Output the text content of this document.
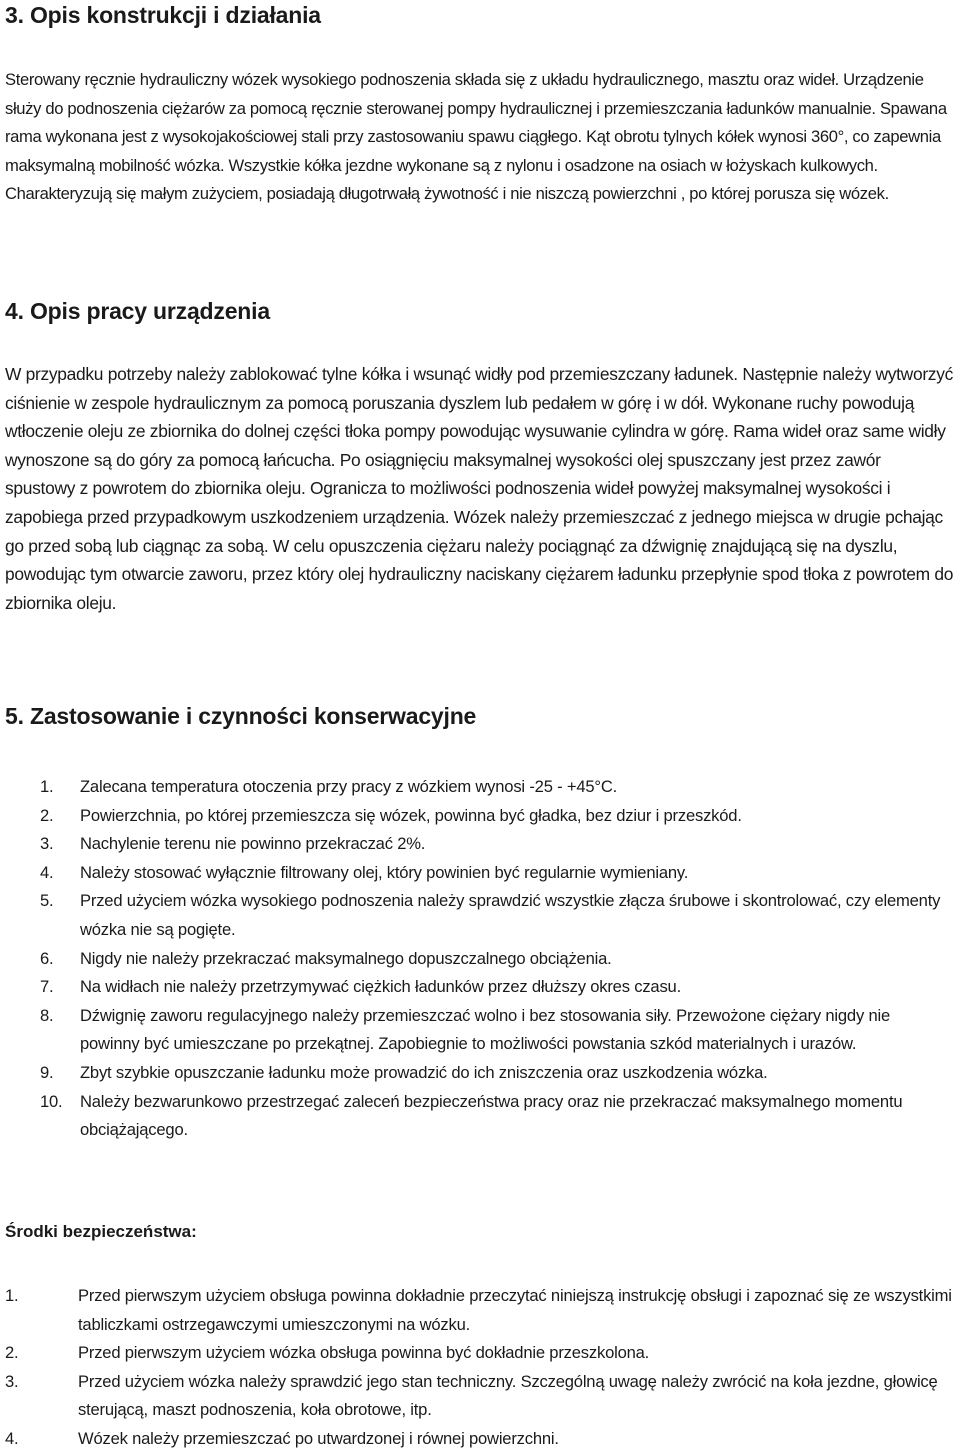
3. Opis konstrukcji i działania

Sterowany ręcznie hydrauliczny wózek wysokiego podnoszenia składa się z układu hydraulicznego, masztu oraz wideł. Urządzenie służy do podnoszenia ciężarów za pomocą ręcznie sterowanej pompy hydraulicznej i przemieszczania ładunków manualnie. Spawana rama wykonana jest z wysokojakościowej stali przy zastosowaniu spawu ciągłego. Kąt obrotu tylnych kółek wynosi 360°, co zapewnia maksymalną mobilność wózka. Wszystkie kółka jezdne wykonane są z nylonu i osadzone na osiach w łożyskach kulkowych. Charakteryzują się małym zużyciem, posiadają długotrwałą żywotność i nie niszczą powierzchni , po której porusza się wózek.

4. Opis pracy urządzenia

W przypadku potrzeby należy zablokować tylne kółka i wsunąć widły pod przemieszczany ładunek. Następnie należy wytworzyć ciśnienie w zespole hydraulicznym za pomocą poruszania dyszlem lub pedałem w górę i w dół. Wykonane ruchy powodują wtłoczenie oleju ze zbiornika do dolnej części tłoka pompy powodując wysuwanie cylindra w górę. Rama wideł oraz same widły wynoszone są do góry za pomocą łańcucha. Po osiągnięciu maksymalnej wysokości olej spuszczany jest przez zawór spustowy z powrotem do zbiornika oleju. Ogranicza to możliwości podnoszenia wideł powyżej maksymalnej wysokości i zapobiega przed przypadkowym uszkodzeniem urządzenia. Wózek należy przemieszczać z jednego miejsca w drugie pchając go przed sobą lub ciągnąc za sobą. W celu opuszczenia ciężaru należy pociągnąć za dźwignię znajdującą się na dyszlu, powodując tym otwarcie zaworu, przez który olej hydrauliczny naciskany ciężarem ładunku przepłynie spod tłoka z powrotem do zbiornika oleju.

5. Zastosowanie i czynności konserwacyjne
1. Zalecana temperatura otoczenia przy pracy z wózkiem wynosi -25 - +45°C.
2. Powierzchnia, po której przemieszcza się wózek, powinna być gładka, bez dziur i przeszkód.
3. Nachylenie terenu nie powinno przekraczać 2%.
4. Należy stosować wyłącznie filtrowany olej, który powinien być regularnie wymieniany.
5. Przed użyciem wózka wysokiego podnoszenia należy sprawdzić wszystkie złącza śrubowe i skontrolować, czy elementy wózka nie są pogięte.
6. Nigdy nie należy przekraczać maksymalnego dopuszczalnego obciążenia.
7. Na widłach nie należy przetrzymywać ciężkich ładunków przez dłuższy okres czasu.
8. Dźwignię zaworu regulacyjnego należy przemieszczać wolno i bez stosowania siły. Przewożone ciężary nigdy nie powinny być umieszczane po przekątnej. Zapobiegnie to możliwości powstania szkód materialnych i urazów.
9. Zbyt szybkie opuszczanie ładunku może prowadzić do ich zniszczenia oraz uszkodzenia wózka.
10. Należy bezwarunkowo przestrzegać zaleceń bezpieczeństwa pracy oraz nie przekraczać maksymalnego momentu obciążającego.

Środki bezpieczeństwa:

1.	Przed pierwszym użyciem obsługa powinna dokładnie przeczytać niniejszą instrukcję obsługi i zapoznać się ze wszystkimi tabliczkami ostrzegawczymi umieszczonymi na wózku.
2.	Przed pierwszym użyciem wózka obsługa powinna być dokładnie przeszkolona.
3.	Przed użyciem wózka należy sprawdzić jego stan techniczny. Szczególną uwagę należy zwrócić na koła jezdne, głowicę sterującą, maszt podnoszenia, koła obrotowe, itp.
4.	Wózek należy przemieszczać po utwardzonej i równej powierzchni.
